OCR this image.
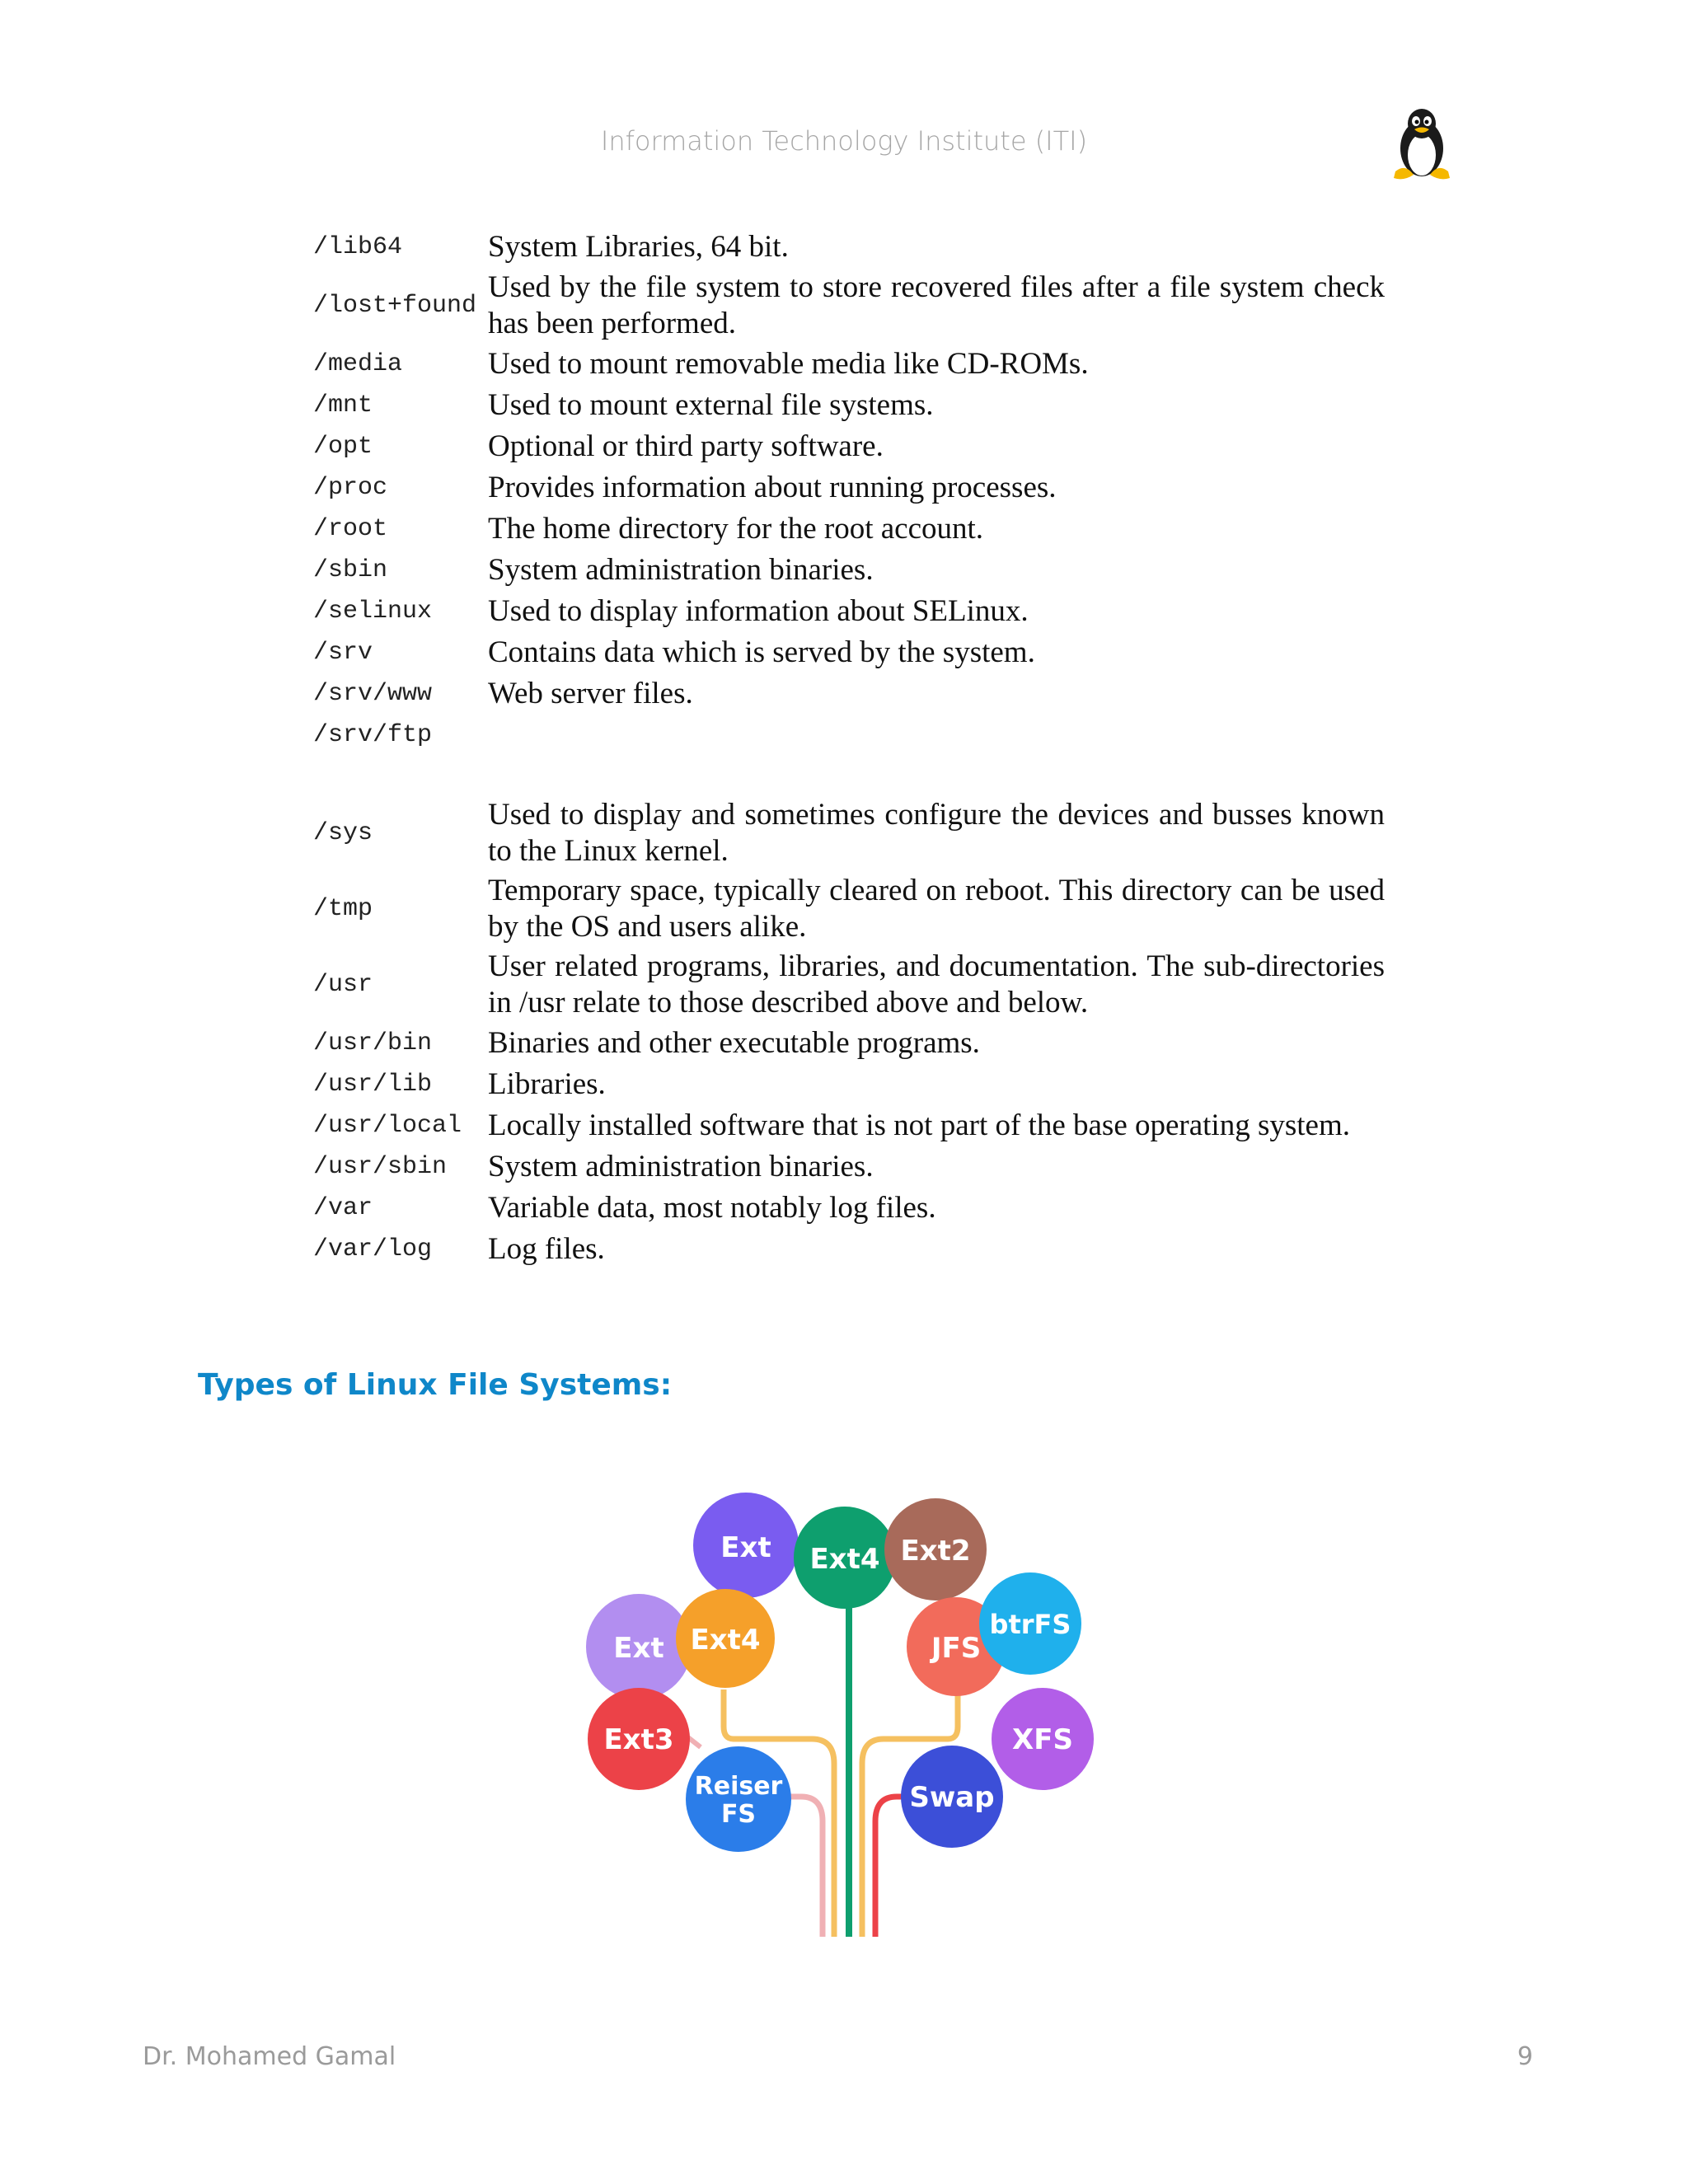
Information Technology Institute (ITI)
/lib64	System Libraries, 64 bit.
/lost+found	Used by the file system to store recovered files after a file system check has been performed.
/media	Used to mount removable media like CD-ROMs.
/mnt	Used to mount external file systems.
/opt	Optional or third party software.
/proc	Provides information about running processes.
/root	The home directory for the root account.
/sbin	System administration binaries.
/selinux	Used to display information about SELinux.
/srv	Contains data which is served by the system.
/srv/www	Web server files.
/srv/ftp	

/sys	Used to display and sometimes configure the devices and busses known to the Linux kernel.
/tmp	Temporary space, typically cleared on reboot. This directory can be used by the OS and users alike.
/usr	User related programs, libraries, and documentation. The sub-directories in /usr relate to those described above and below.
/usr/bin	Binaries and other executable programs.
/usr/lib	Libraries.
/usr/local	Locally installed software that is not part of the base operating system.
/usr/sbin	System administration binaries.
/var	Variable data, most notably log files.
/var/log	Log files.
Types of Linux File Systems:
Ext Ext4 Ext2
Ext Ext4	JFS
btrFS
Ext3	XFS
Reiser
FS
Swap
Dr. Mohamed Gamal	9
